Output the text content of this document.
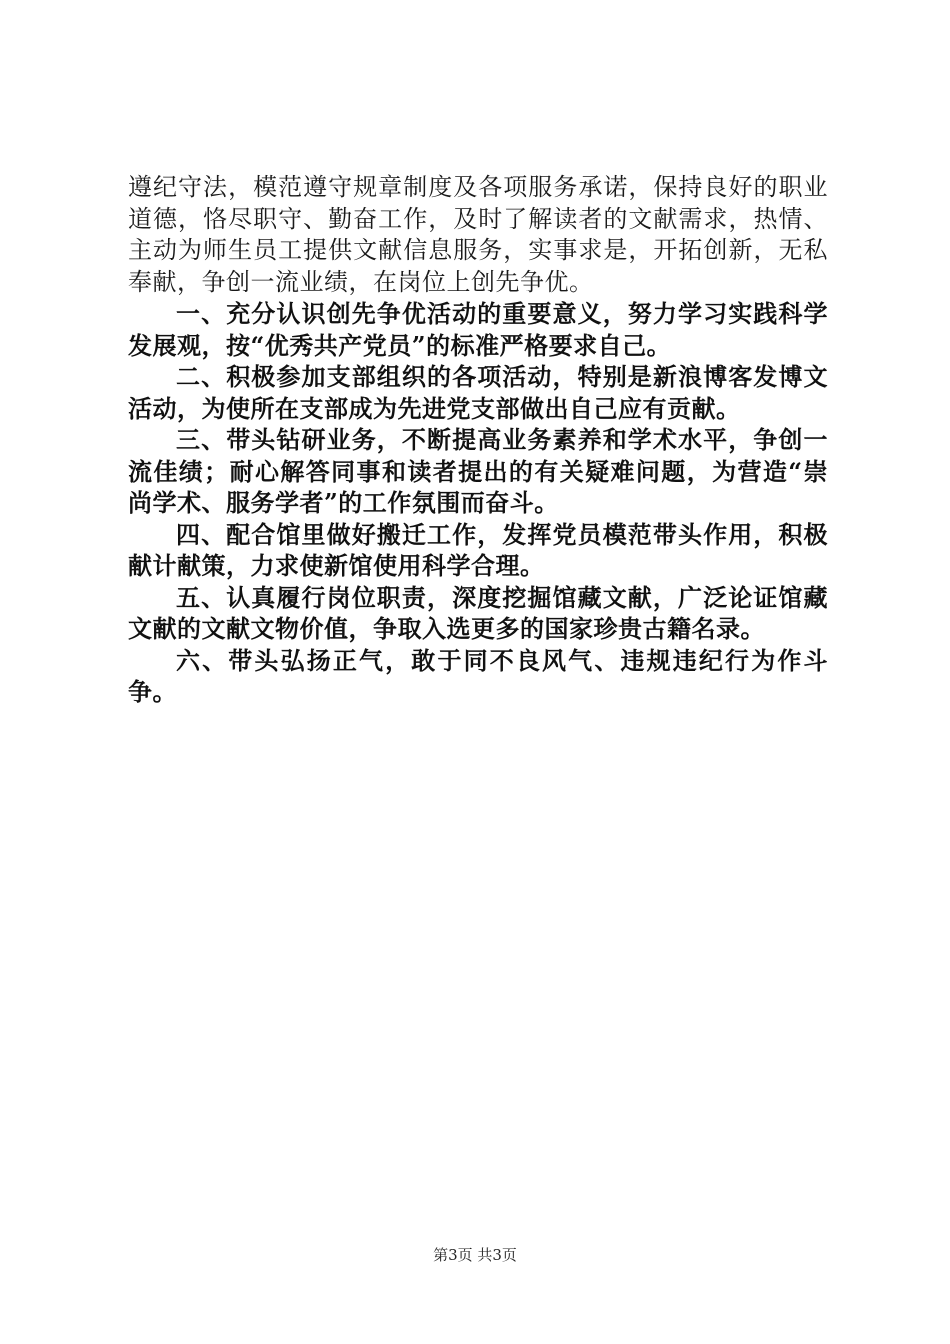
遵纪守法，模范遵守规章制度及各项服务承诺，保持良好的职业道德，恪尽职守、勤奋工作，及时了解读者的文献需求，热情、主动为师生员工提供文献信息服务，实事求是，开拓创新，无私奉献，争创一流业绩，在岗位上创先争优。

一、充分认识创先争优活动的重要意义，努力学习实践科学发展观，按“优秀共产党员”的标准严格要求自己。

二、积极参加支部组织的各项活动，特别是新浪博客发博文活动，为使所在支部成为先进党支部做出自己应有贡献。

三、带头钻研业务，不断提高业务素养和学术水平，争创一流佳绩；耐心解答同事和读者提出的有关疑难问题，为营造“崇尚学术、服务学者”的工作氛围而奋斗。

四、配合馆里做好搬迁工作，发挥党员模范带头作用，积极献计献策，力求使新馆使用科学合理。

五、认真履行岗位职责，深度挖掘馆藏文献，广泛论证馆藏文献的文献文物价值，争取入选更多的国家珍贵古籍名录。

六、带头弘扬正气，敢于同不良风气、违规违纪行为作斗争。

第3页 共3页
